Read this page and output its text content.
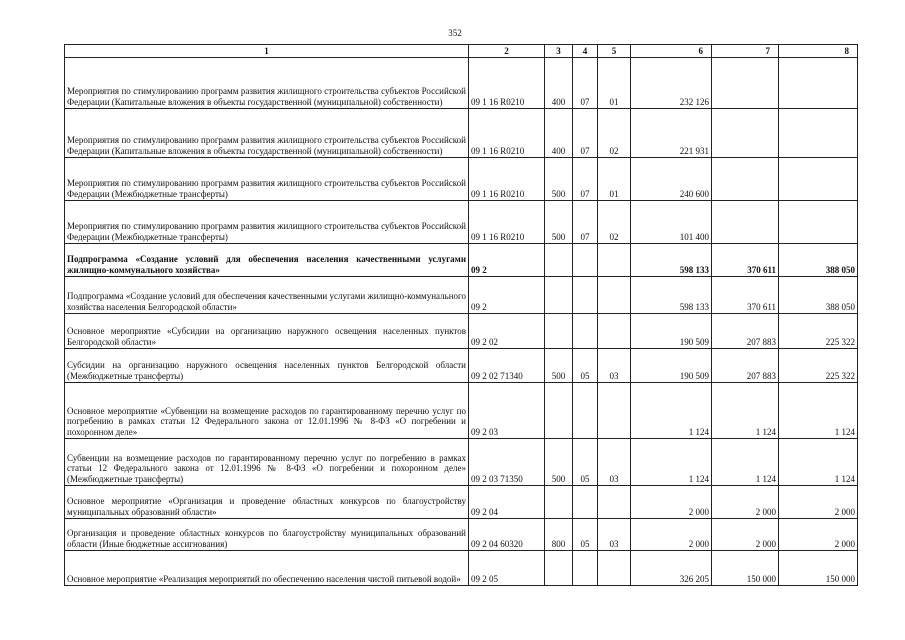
352
1	2	3	4	5	6	7	8
Мероприятия по стимулированию программ развития жилищного строительства субъектов Российской Федерации (Капитальные вложения в объекты государственной (муниципальной) собственности)	09 1 16 R0210	400	07	01	232 126		
Мероприятия по стимулированию программ развития жилищного строительства субъектов Российской Федерации (Капитальные вложения в объекты государственной (муниципальной) собственности)	09 1 16 R0210	400	07	02	221 931		
Мероприятия по стимулированию программ развития жилищного строительства субъектов Российской Федерации (Межбюджетные трансферты)	09 1 16 R0210	500	07	01	240 600		
Мероприятия по стимулированию программ развития жилищного строительства субъектов Российской Федерации (Межбюджетные трансферты)	09 1 16 R0210	500	07	02	101 400		
Подпрограмма «Создание условий для обеспечения населения качественными услугами жилищно-коммунального хозяйства»	09 2				598 133	370 611	388 050
Подпрограмма «Создание условий для обеспечения качественными услугами жилищно-коммунального хозяйства населения Белгородской области»	09 2				598 133	370 611	388 050
Основное мероприятие «Субсидии на организацию наружного освещения населенных пунктов Белгородской области»	09 2 02				190 509	207 883	225 322
Субсидии на организацию наружного освещения населенных пунктов Белгородской области (Межбюджетные трансферты)	09 2 02 71340	500	05	03	190 509	207 883	225 322
Основное мероприятие «Субвенции на возмещение расходов по гарантированному перечню услуг по погребению в рамках статьи 12 Федерального закона от 12.01.1996 № 8-ФЗ «О погребении и похоронном деле»	09 2 03				1 124	1 124	1 124
Субвенции на возмещение расходов по гарантированному перечню услуг по погребению в рамках статьи 12 Федерального закона от 12.01.1996 № 8-ФЗ «О погребении и похоронном деле» (Межбюджетные трансферты)	09 2 03 71350	500	05	03	1 124	1 124	1 124
Основное мероприятие «Организация и проведение областных конкурсов по благоустройству муниципальных образований области»	09 2 04				2 000	2 000	2 000
Организация и проведение областных конкурсов по благоустройству муниципальных образований области (Иные бюджетные ассигнования)	09 2 04 60320	800	05	03	2 000	2 000	2 000
Основное мероприятие «Реализация мероприятий по обеспечению населения чистой питьевой водой»	09 2 05				326 205	150 000	150 000
